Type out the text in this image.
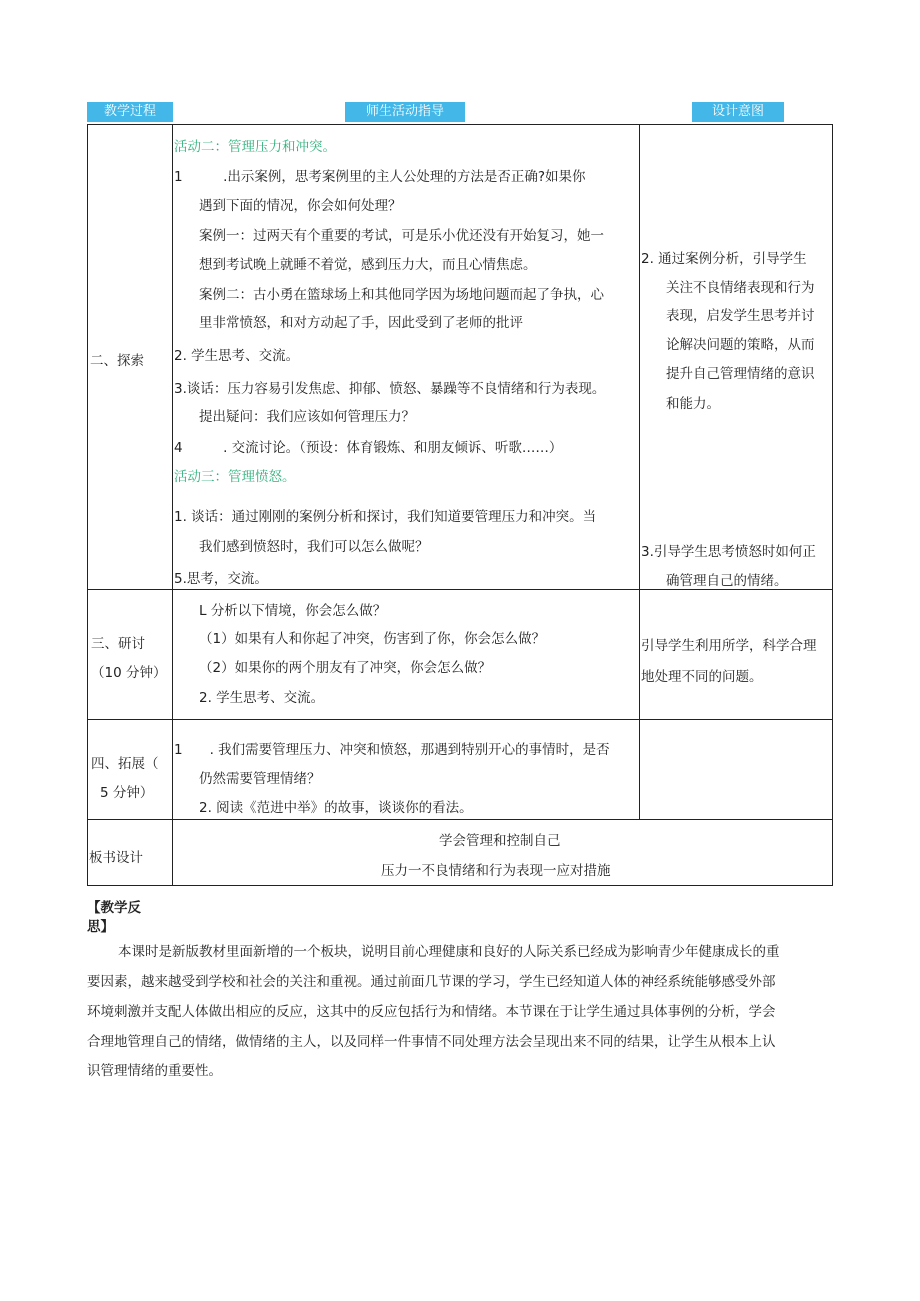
教学过程	师生活动指导	设计意图
二、探索
活动二：管理压力和冲突。
1　　　.出示案例，思考案例里的主人公处理的方法是否正确?如果你
遇到下面的情况，你会如何处理？
案例一：过两天有个重要的考试，可是乐小优还没有开始复习，她一
想到考试晚上就睡不着觉，感到压力大，而且心情焦虑。
案例二：古小勇在篮球场上和其他同学因为场地问题而起了争执，心
里非常愤怒，和对方动起了手，因此受到了老师的批评
2. 学生思考、交流。
3.谈话：压力容易引发焦虑、抑郁、愤怒、暴躁等不良情绪和行为表现。
提出疑问：我们应该如何管理压力？
4　　　. 交流讨论。（预设：体育锻炼、和朋友倾诉、听歌……）
活动三：管理愤怒。
1. 谈话：通过刚刚的案例分析和探讨，我们知道要管理压力和冲突。当
我们感到愤怒时，我们可以怎么做呢？
5.思考，交流。
2. 通过案例分析，引导学生
关注不良情绪表现和行为
表现，启发学生思考并讨
论解决问题的策略，从而
提升自己管理情绪的意识
和能力。
3.引导学生思考愤怒时如何正
确管理自己的情绪。
三、研讨
（10 分钟）
L 分析以下情境，你会怎么做？
（1）如果有人和你起了冲突，伤害到了你，你会怎么做？
（2）如果你的两个朋友有了冲突，你会怎么做？
2. 学生思考、交流。
引导学生利用所学，科学合理
地处理不同的问题。
四、拓展（
5 分钟）
1　　. 我们需要管理压力、冲突和愤怒，那遇到特别开心的事情时，是否
仍然需要管理情绪？
2. 阅读《范进中举》的故事，谈谈你的看法。
板书设计
学会管理和控制自己
压力一不良情绪和行为表现一应对措施
【教学反
思】
本课时是新版教材里面新增的一个板块，说明目前心理健康和良好的人际关系已经成为影响青少年健康成长的重
要因素，越来越受到学校和社会的关注和重视。通过前面几节课的学习，学生已经知道人体的神经系统能够感受外部
环境刺激并支配人体做出相应的反应，这其中的反应包括行为和情绪。本节课在于让学生通过具体事例的分析，学会
合理地管理自己的情绪，做情绪的主人，以及同样一件事情不同处理方法会呈现出来不同的结果，让学生从根本上认
识管理情绪的重要性。
